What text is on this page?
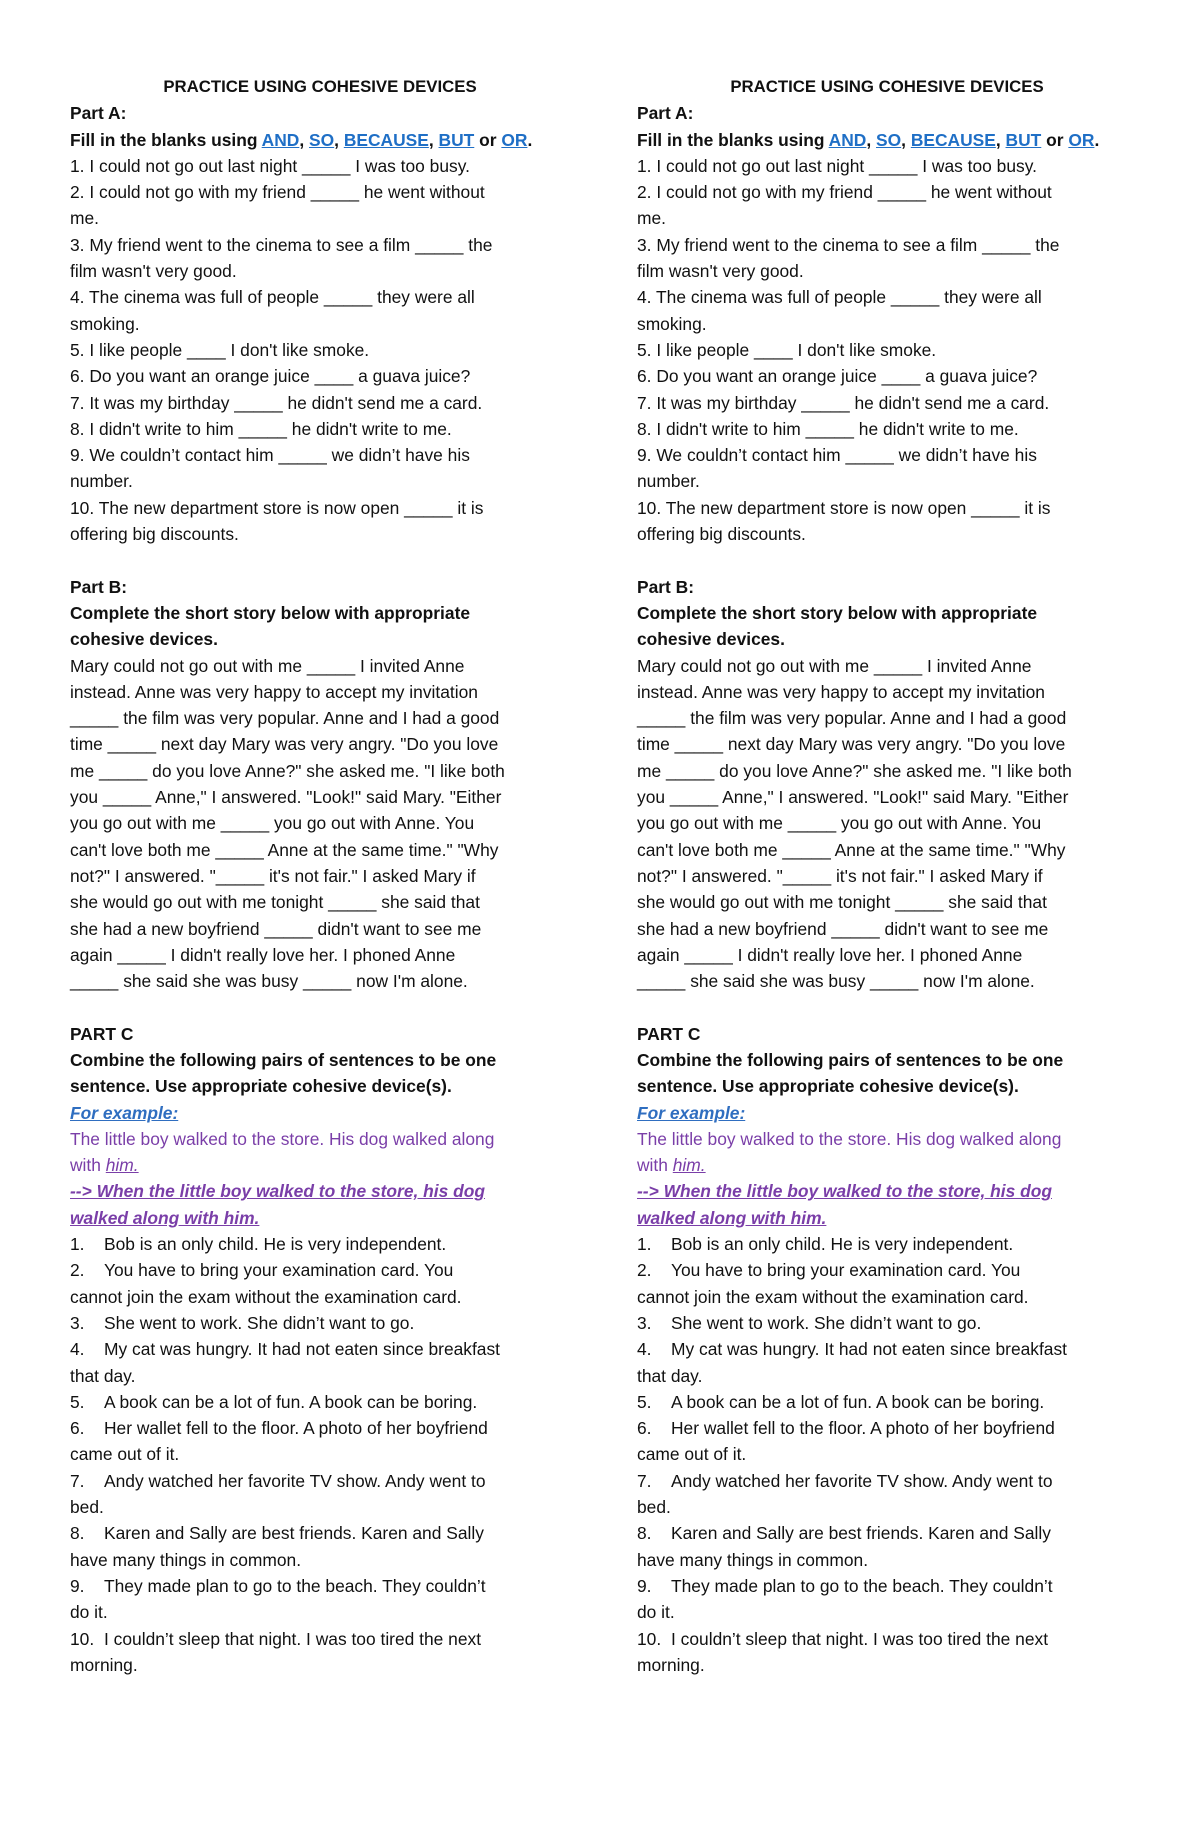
PRACTICE USING COHESIVE DEVICES

Part A:

Fill in the blanks using AND, SO, BECAUSE, BUT or OR.

1. I could not go out last night _____ I was too busy.

2. I could not go with my friend _____ he went without

me.

3. My friend went to the cinema to see a film _____ the

film wasn't very good.

4. The cinema was full of people _____ they were all

smoking.

5. I like people ____ I don't like smoke.

6. Do you want an orange juice ____ a guava juice?

7. It was my birthday _____ he didn't send me a card.

8. I didn't write to him _____ he didn't write to me.

9. We couldn’t contact him _____ we didn’t have his

number.

10. The new department store is now open _____ it is

offering big discounts.

Part B:

Complete the short story below with appropriate

cohesive devices.

Mary could not go out with me _____ I invited Anne

instead. Anne was very happy to accept my invitation

_____ the film was very popular. Anne and I had a good

time _____ next day Mary was very angry. "Do you love

me _____ do you love Anne?" she asked me. "I like both

you _____ Anne," I answered. "Look!" said Mary. "Either

you go out with me _____ you go out with Anne. You

can't love both me _____ Anne at the same time." "Why

not?" I answered. "_____ it's not fair." I asked Mary if

she would go out with me tonight _____ she said that

she had a new boyfriend _____ didn't want to see me

again _____ I didn't really love her. I phoned Anne

_____ she said she was busy _____ now I'm alone.

PART C

Combine the following pairs of sentences to be one

sentence. Use appropriate cohesive device(s).

For example:

The little boy walked to the store. His dog walked along

with him.

--> When the little boy walked to the store, his dog

walked along with him.

1. Bob is an only child. He is very independent.

2. You have to bring your examination card. You

cannot join the exam without the examination card.

3. She went to work. She didn’t want to go.

4. My cat was hungry. It had not eaten since breakfast

that day.

5. A book can be a lot of fun. A book can be boring.

6. Her wallet fell to the floor. A photo of her boyfriend

came out of it.

7. Andy watched her favorite TV show. Andy went to

bed.

8. Karen and Sally are best friends. Karen and Sally

have many things in common.

9. They made plan to go to the beach. They couldn’t

do it.

10. I couldn’t sleep that night. I was too tired the next

morning.

PRACTICE USING COHESIVE DEVICES

Part A:

Fill in the blanks using AND, SO, BECAUSE, BUT or OR.

1. I could not go out last night _____ I was too busy.

2. I could not go with my friend _____ he went without

me.

3. My friend went to the cinema to see a film _____ the

film wasn't very good.

4. The cinema was full of people _____ they were all

smoking.

5. I like people ____ I don't like smoke.

6. Do you want an orange juice ____ a guava juice?

7. It was my birthday _____ he didn't send me a card.

8. I didn't write to him _____ he didn't write to me.

9. We couldn’t contact him _____ we didn’t have his

number.

10. The new department store is now open _____ it is

offering big discounts.

Part B:

Complete the short story below with appropriate

cohesive devices.

Mary could not go out with me _____ I invited Anne

instead. Anne was very happy to accept my invitation

_____ the film was very popular. Anne and I had a good

time _____ next day Mary was very angry. "Do you love

me _____ do you love Anne?" she asked me. "I like both

you _____ Anne," I answered. "Look!" said Mary. "Either

you go out with me _____ you go out with Anne. You

can't love both me _____ Anne at the same time." "Why

not?" I answered. "_____ it's not fair." I asked Mary if

she would go out with me tonight _____ she said that

she had a new boyfriend _____ didn't want to see me

again _____ I didn't really love her. I phoned Anne

_____ she said she was busy _____ now I'm alone.

PART C

Combine the following pairs of sentences to be one

sentence. Use appropriate cohesive device(s).

For example:

The little boy walked to the store. His dog walked along

with him.

--> When the little boy walked to the store, his dog

walked along with him.

1. Bob is an only child. He is very independent.

2. You have to bring your examination card. You

cannot join the exam without the examination card.

3. She went to work. She didn’t want to go.

4. My cat was hungry. It had not eaten since breakfast

that day.

5. A book can be a lot of fun. A book can be boring.

6. Her wallet fell to the floor. A photo of her boyfriend

came out of it.

7. Andy watched her favorite TV show. Andy went to

bed.

8. Karen and Sally are best friends. Karen and Sally

have many things in common.

9. They made plan to go to the beach. They couldn’t

do it.

10. I couldn’t sleep that night. I was too tired the next

morning.
